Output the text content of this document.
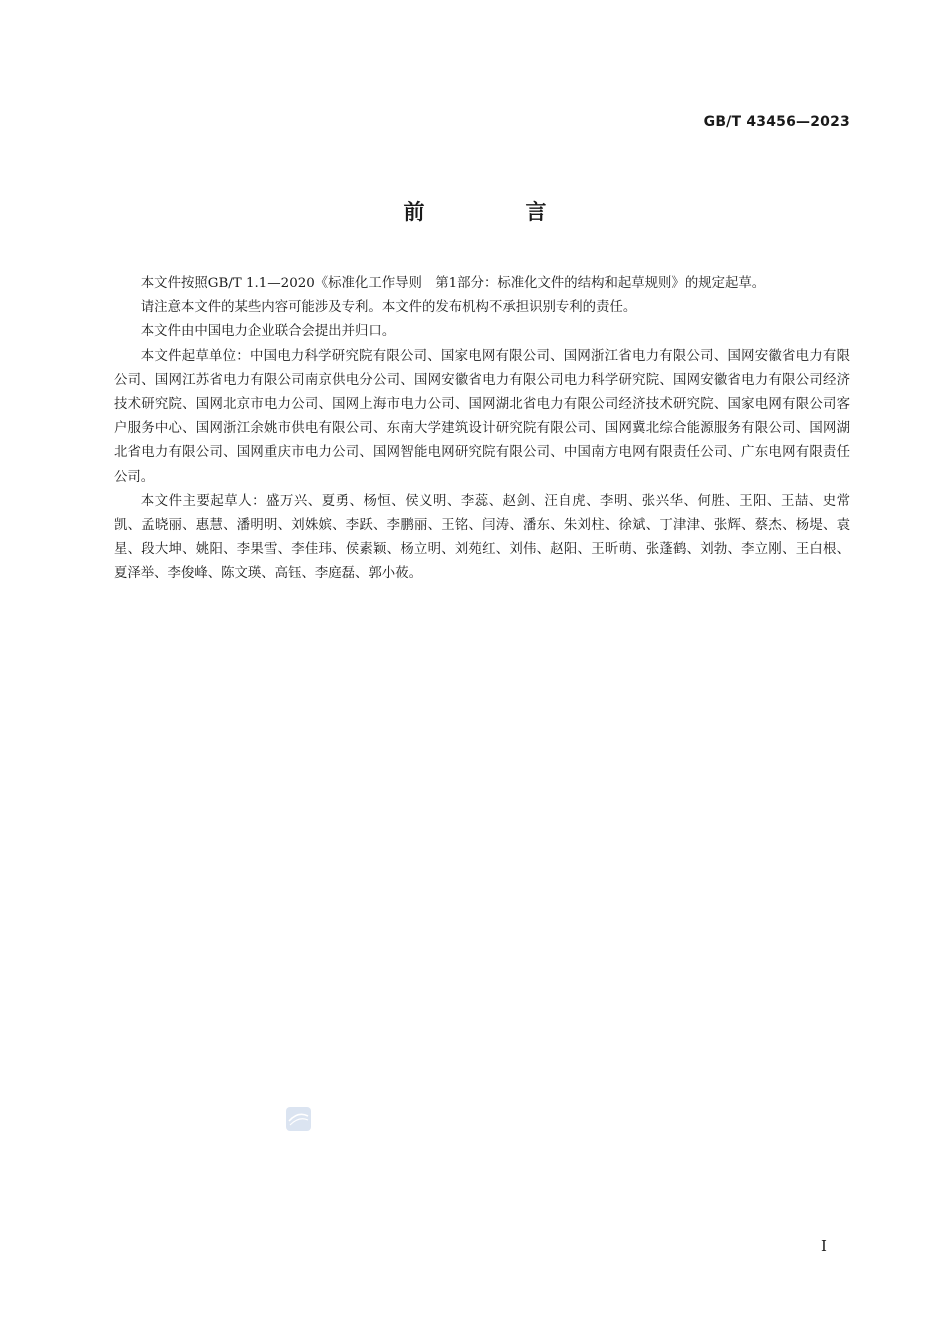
GB/T 43456—2023
前　言

本文件按照GB/T 1.1—2020《标准化工作导则　第1部分：标准化文件的结构和起草规则》的规定起草。

请注意本文件的某些内容可能涉及专利。本文件的发布机构不承担识别专利的责任。

本文件由中国电力企业联合会提出并归口。

本文件起草单位：中国电力科学研究院有限公司、国家电网有限公司、国网浙江省电力有限公司、国网安徽省电力有限公司、国网江苏省电力有限公司南京供电分公司、国网安徽省电力有限公司电力科学研究院、国网安徽省电力有限公司经济技术研究院、国网北京市电力公司、国网上海市电力公司、国网湖北省电力有限公司经济技术研究院、国家电网有限公司客户服务中心、国网浙江余姚市供电有限公司、东南大学建筑设计研究院有限公司、国网冀北综合能源服务有限公司、国网湖北省电力有限公司、国网重庆市电力公司、国网智能电网研究院有限公司、中国南方电网有限责任公司、广东电网有限责任公司。

本文件主要起草人：盛万兴、夏勇、杨恒、侯义明、李蕊、赵剑、汪自虎、李明、张兴华、何胜、王阳、王喆、史常凯、孟晓丽、惠慧、潘明明、刘姝嫔、李跃、李鹏丽、王铭、闫涛、潘东、朱刘柱、徐斌、丁津津、张辉、蔡杰、杨堤、袁星、段大坤、姚阳、李果雪、李佳玮、侯素颖、杨立明、刘苑红、刘伟、赵阳、王昕萌、张蓬鹤、刘勃、李立刚、王白根、夏泽举、李俊峰、陈文瑛、高钰、李庭磊、郭小莜。

I
